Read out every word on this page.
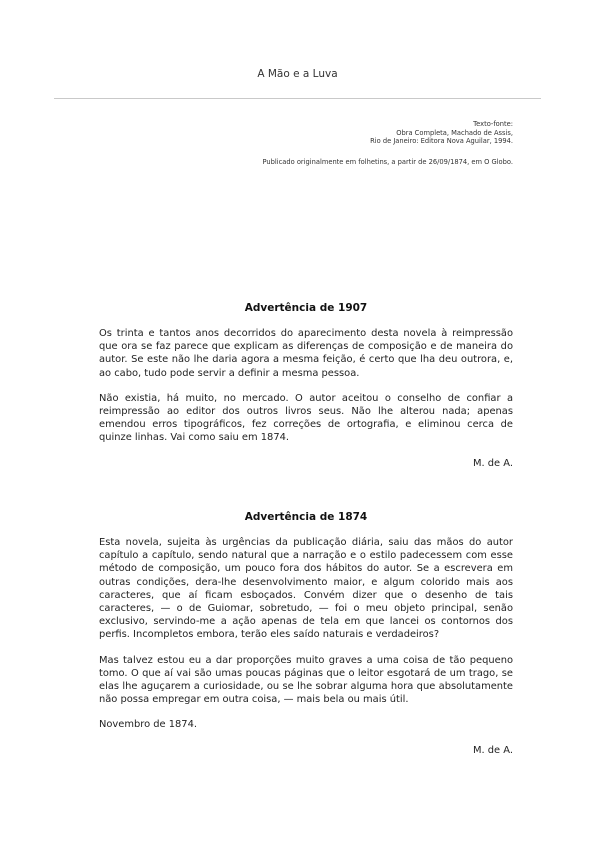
A Mão e a Luva
Texto-fonte:
Obra Completa, Machado de Assis,
Rio de Janeiro: Editora Nova Aguilar, 1994.
Publicado originalmente em folhetins, a partir de 26/09/1874, em O Globo.
Advertência de 1907

Os trinta e tantos anos decorridos do aparecimento desta novela à reimpressão que ora se faz parece que explicam as diferenças de composição e de maneira do autor. Se este não lhe daria agora a mesma feição, é certo que lha deu outrora, e, ao cabo, tudo pode servir a definir a mesma pessoa.

Não existia, há muito, no mercado. O autor aceitou o conselho de confiar a reimpressão ao editor dos outros livros seus. Não lhe alterou nada; apenas emendou erros tipográficos, fez correções de ortografia, e eliminou cerca de quinze linhas. Vai como saiu em 1874.

M. de A.

Advertência de 1874

Esta novela, sujeita às urgências da publicação diária, saiu das mãos do autor capítulo a capítulo, sendo natural que a narração e o estilo padecessem com esse método de composição, um pouco fora dos hábitos do autor. Se a escrevera em outras condições, dera-lhe desenvolvimento maior, e algum colorido mais aos caracteres, que aí ficam esboçados. Convém dizer que o desenho de tais caracteres, — o de Guiomar, sobretudo, — foi o meu objeto principal, senão exclusivo, servindo-me a ação apenas de tela em que lancei os contornos dos perfis. Incompletos embora, terão eles saído naturais e verdadeiros?

Mas talvez estou eu a dar proporções muito graves a uma coisa de tão pequeno tomo. O que aí vai são umas poucas páginas que o leitor esgotará de um trago, se elas lhe aguçarem a curiosidade, ou se lhe sobrar alguma hora que absolutamente não possa empregar em outra coisa, — mais bela ou mais útil.

Novembro de 1874.

M. de A.
